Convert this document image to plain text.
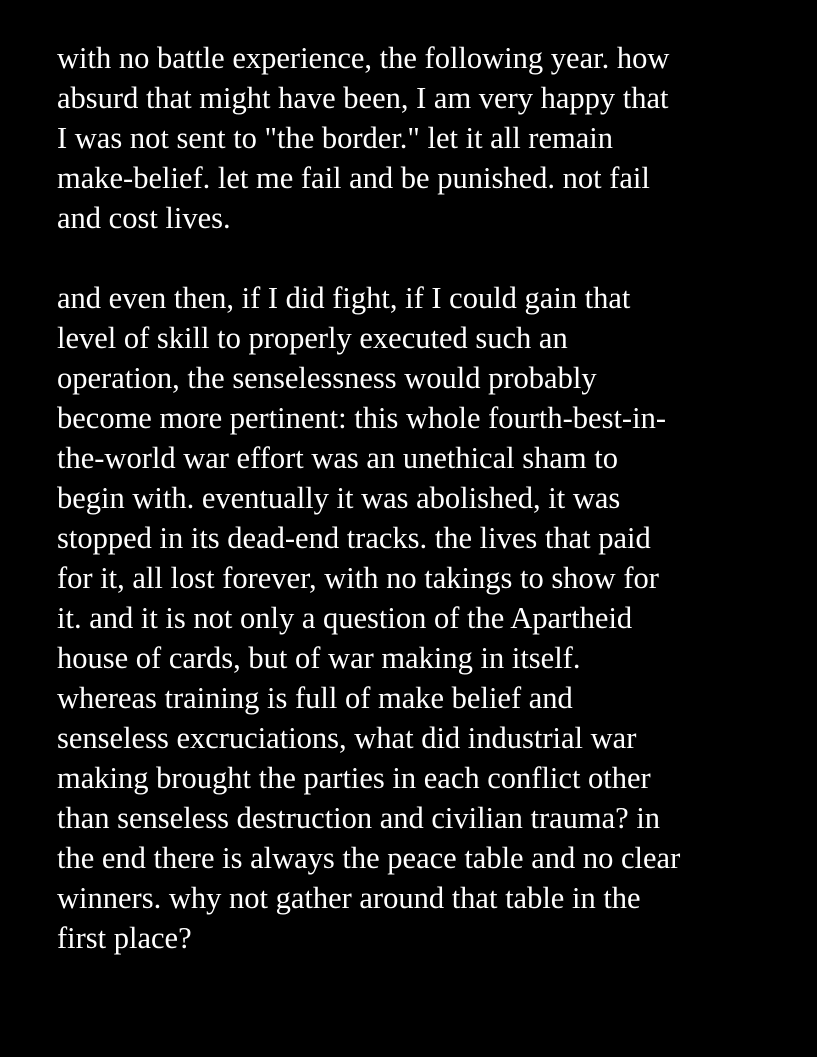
with no battle experience, the following year. how
absurd that might have been, I am very happy that
I was not sent to "the border." let it all remain
make-belief. let me fail and be punished. not fail
and cost lives.

and even then, if I did fight, if I could gain that
level of skill to properly executed such an
operation, the senselessness would probably
become more pertinent: this whole fourth-best-in-
the-world war effort was an unethical sham to
begin with. eventually it was abolished, it was
stopped in its dead-end tracks. the lives that paid
for it, all lost forever, with no takings to show for
it. and it is not only a question of the Apartheid
house of cards, but of war making in itself.
whereas training is full of make belief and
senseless excruciations, what did industrial war
making brought the parties in each conflict other
than senseless destruction and civilian trauma? in
the end there is always the peace table and no clear
winners. why not gather around that table in the
first place?
